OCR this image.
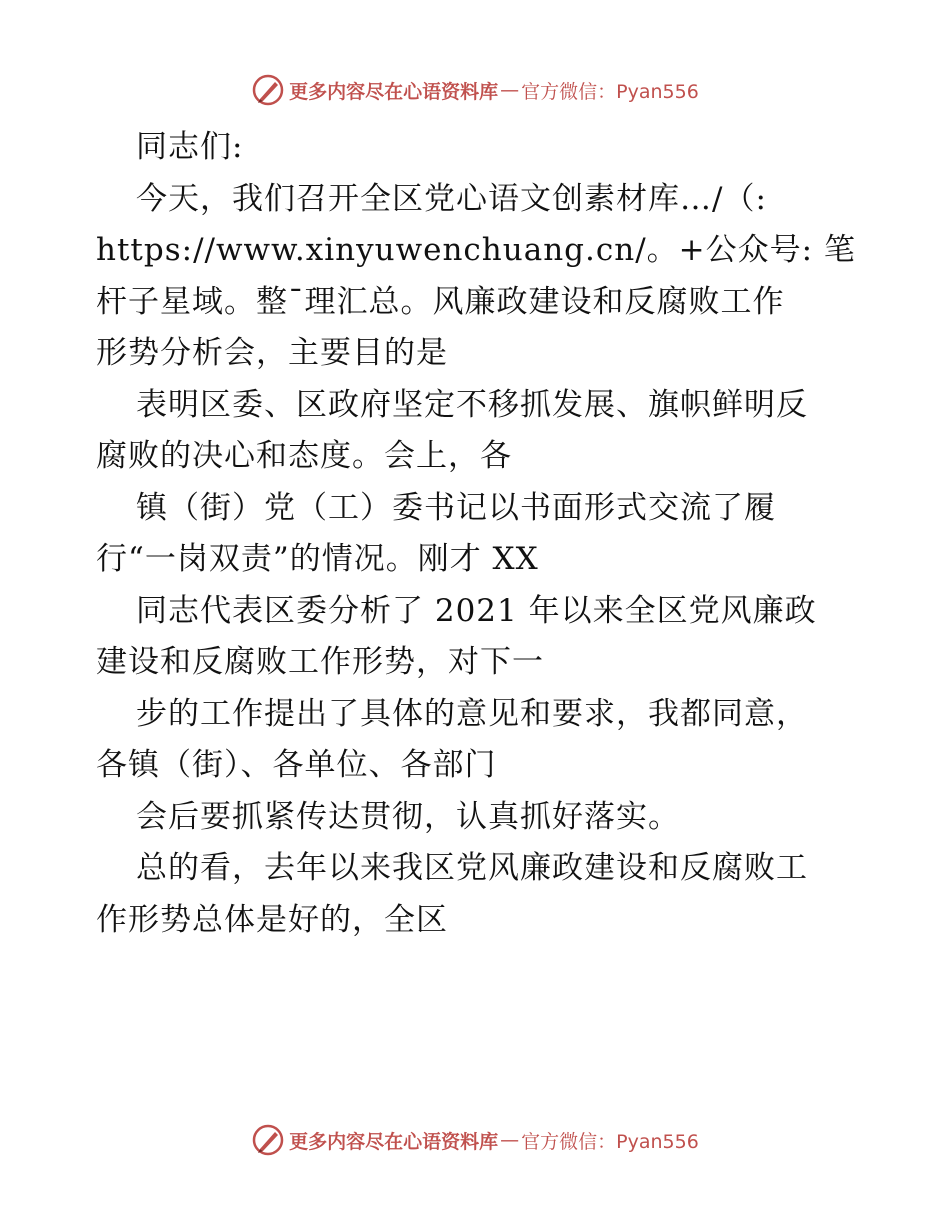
更多内容尽在心语资料库 — 官方微信：Pyan556
同志们:
今天，我们召开全区党心语文创素材库…/（:
https://www.xinyuwenchuang.cn/。+公众号: 笔
杆子星域。整¯理汇总。风廉政建设和反腐败工作
形势分析会，主要目的是
表明区委、区政府坚定不移抓发展、旗帜鲜明反
腐败的决心和态度。会上，各
镇（街）党（工）委书记以书面形式交流了履
行“一岗双责”的情况。刚才 XX
同志代表区委分析了 2021 年以来全区党风廉政
建设和反腐败工作形势，对下一
步的工作提出了具体的意见和要求，我都同意，
各镇（街）、各单位、各部门
会后要抓紧传达贯彻，认真抓好落实。
总的看，去年以来我区党风廉政建设和反腐败工
作形势总体是好的，全区
更多内容尽在心语资料库 — 官方微信：Pyan556
